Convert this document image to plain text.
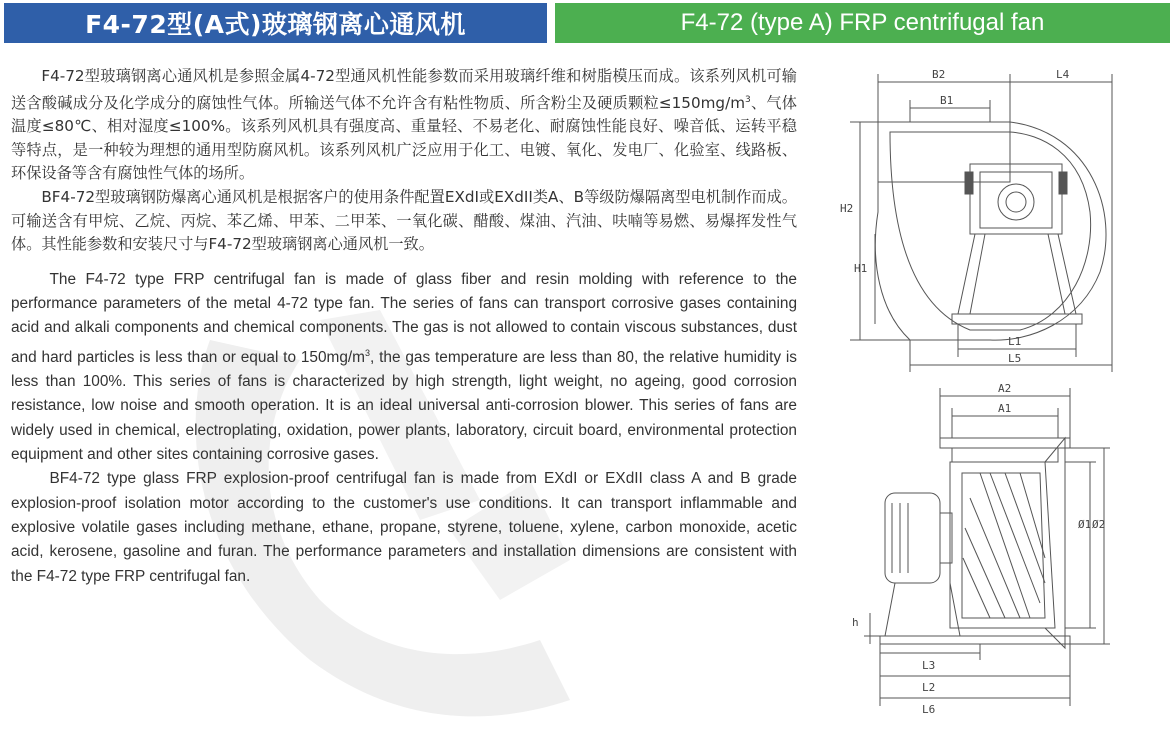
F4-72型(A式)玻璃钢离心通风机	F4-72 (type A) FRP centrifugal fan

F4-72型玻璃钢离心通风机是参照金属4-72型通风机性能参数而采用玻璃纤维和树脂模压而成。该系列风机可输送含酸碱成分及化学成分的腐蚀性气体。所输送气体不允许含有粘性物质、所含粉尘及硬质颗粒$\le 150mg/m^3$、气体温度≤80℃、相对湿度≤100%。该系列风机具有强度高、重量轻、不易老化、耐腐蚀性能良好、噪音低、运转平稳等特点，是一种较为理想的通用型防腐风机。该系列风机广泛应用于化工、电镀、氧化、发电厂、化验室、线路板、环保设备等含有腐蚀性气体的场所。

BF4-72型玻璃钢防爆离心通风机是根据客户的使用条件配置EXdI或EXdII类A、B等级防爆隔离型电机制作而成。可输送含有甲烷、乙烷、丙烷、苯乙烯、甲苯、二甲苯、一氧化碳、醋酸、煤油、汽油、呋喃等易燃、易爆挥发性气体。其性能参数和安装尺寸与F4-72型玻璃钢离心通风机一致。

The F4-72 type FRP centrifugal fan is made of glass fiber and resin molding with reference to the performance parameters of the metal 4-72 type fan. The series of fans can transport corrosive gases containing acid and alkali components and chemical components. The gas is not allowed to contain viscous substances, dust and hard particles is less than or equal to $150mg/m^3$, the gas temperature are less than 80, the relative humidity is less than 100%. This series of fans is characterized by high strength, light weight, no ageing, good corrosion resistance, low noise and smooth operation. It is an ideal universal anti-corrosion blower. This series of fans are widely used in chemical, electroplating, oxidation, power plants, laboratory, circuit board, environmental protection equipment and other sites containing corrosive gases.

BF4-72 type glass FRP explosion-proof centrifugal fan is made from EXdI or EXdII class A and B grade explosion-proof isolation motor according to the customer's use conditions. It can transport inflammable and explosive volatile gases including methane, ethane, propane, styrene, toluene, xylene, carbon monoxide, acetic acid, kerosene, gasoline and furan. The performance parameters and installation dimensions are consistent with the F4-72 type FRP centrifugal fan.

B2
B1
L4
H2
H1
L1
L5
A2
A1
Ø1 Ø2
h
L3
L2
L6
